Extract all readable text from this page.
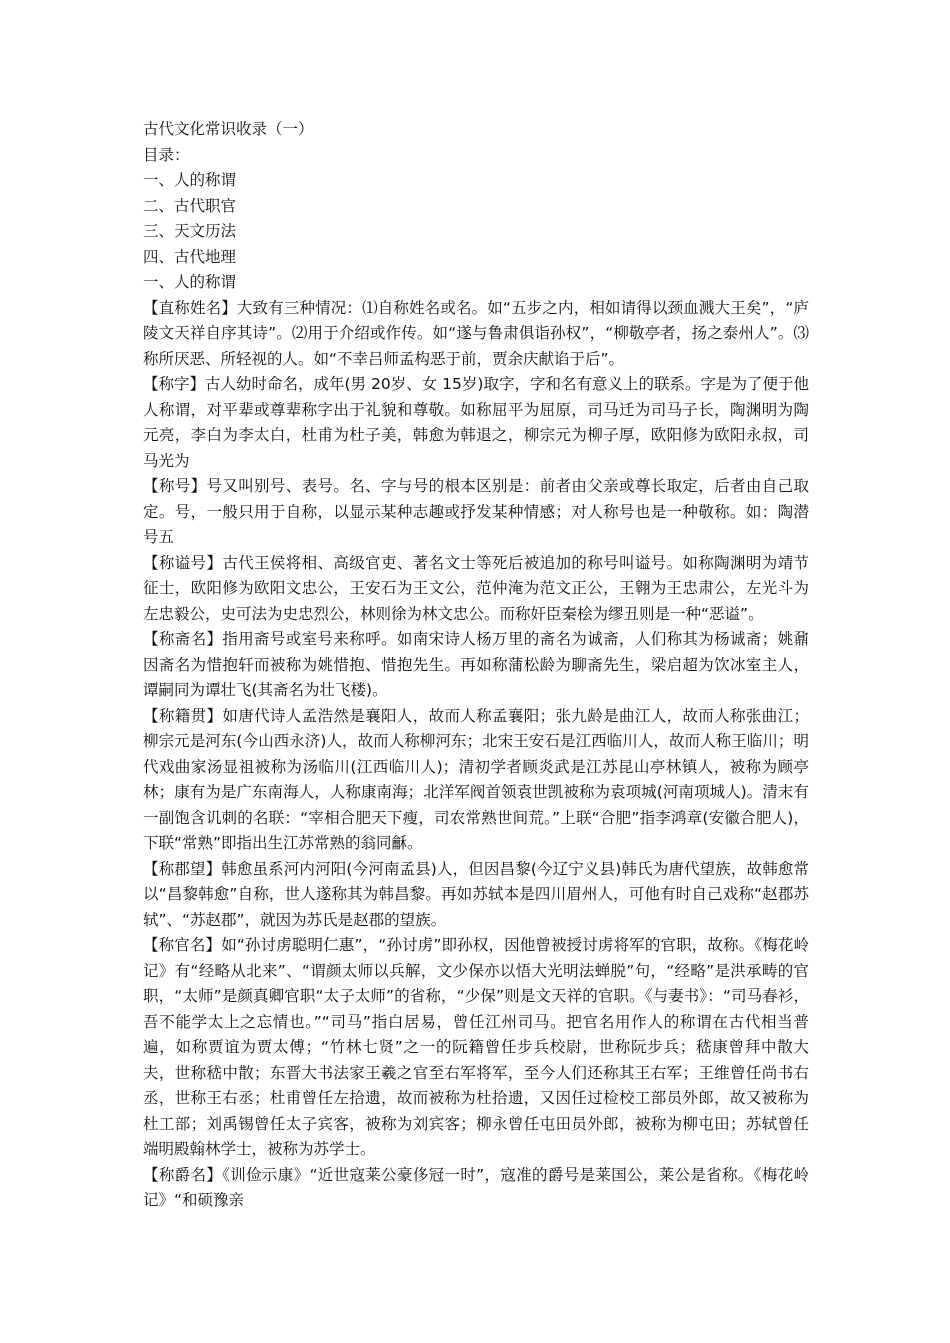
古代文化常识收录（一）
目录：
一、人的称谓
二、古代职官
三、天文历法
四、古代地理
一、人的称谓

【直称姓名】大致有三种情况：⑴自称姓名或名。如“五步之内，相如请得以颈血溅大王矣”，“庐陵文天祥自序其诗”。⑵用于介绍或作传。如“遂与鲁肃俱诣孙权”，“柳敬亭者，扬之泰州人”。⑶称所厌恶、所轻视的人。如“不幸吕师孟构恶于前，贾余庆献谄于后”。

【称字】古人幼时命名，成年(男 20岁、女 15岁)取字，字和名有意义上的联系。字是为了便于他人称谓，对平辈或尊辈称字出于礼貌和尊敬。如称屈平为屈原，司马迁为司马子长，陶渊明为陶元亮，李白为李太白，杜甫为杜子美，韩愈为韩退之，柳宗元为柳子厚，欧阳修为欧阳永叔，司马光为

【称号】号又叫别号、表号。名、字与号的根本区别是：前者由父亲或尊长取定，后者由自己取定。号，一般只用于自称，以显示某种志趣或抒发某种情感；对人称号也是一种敬称。如：陶潜号五

【称谥号】古代王侯将相、高级官吏、著名文士等死后被追加的称号叫谥号。如称陶渊明为靖节征士，欧阳修为欧阳文忠公，王安石为王文公，范仲淹为范文正公，王翱为王忠肃公，左光斗为左忠毅公，史可法为史忠烈公，林则徐为林文忠公。而称奸臣秦桧为缪丑则是一种“恶谥”。

【称斋名】指用斋号或室号来称呼。如南宋诗人杨万里的斋名为诚斋，人们称其为杨诚斋；姚鼐因斋名为惜抱轩而被称为姚惜抱、惜抱先生。再如称蒲松龄为聊斋先生，梁启超为饮冰室主人，谭嗣同为谭壮飞(其斋名为壮飞楼)。

【称籍贯】如唐代诗人孟浩然是襄阳人，故而人称孟襄阳；张九龄是曲江人，故而人称张曲江；柳宗元是河东(今山西永济)人，故而人称柳河东；北宋王安石是江西临川人，故而人称王临川；明代戏曲家汤显祖被称为汤临川(江西临川人)；清初学者顾炎武是江苏昆山亭林镇人，被称为顾亭林；康有为是广东南海人，人称康南海；北洋军阀首领袁世凯被称为袁项城(河南项城人)。清末有一副饱含讥刺的名联：“宰相合肥天下瘦，司农常熟世间荒。”上联“合肥”指李鸿章(安徽合肥人)，下联“常熟”即指出生江苏常熟的翁同龢。

【称郡望】韩愈虽系河内河阳(今河南孟县)人，但因昌黎(今辽宁义县)韩氏为唐代望族，故韩愈常以“昌黎韩愈”自称，世人遂称其为韩昌黎。再如苏轼本是四川眉州人，可他有时自己戏称“赵郡苏轼”、“苏赵郡”，就因为苏氏是赵郡的望族。

【称官名】如“孙讨虏聪明仁惠”，“孙讨虏”即孙权，因他曾被授讨虏将军的官职，故称。《梅花岭记》有“经略从北来”、“谓颜太师以兵解，文少保亦以悟大光明法蝉脱”句，“经略”是洪承畴的官职，“太师”是颜真卿官职“太子太师”的省称，“少保”则是文天祥的官职。《与妻书》：“司马春衫，吾不能学太上之忘情也。”“司马”指白居易，曾任江州司马。把官名用作人的称谓在古代相当普遍，如称贾谊为贾太傅；“竹林七贤”之一的阮籍曾任步兵校尉，世称阮步兵；嵇康曾拜中散大夫，世称嵇中散；东晋大书法家王羲之官至右军将军，至今人们还称其王右军；王维曾任尚书右丞，世称王右丞；杜甫曾任左拾遗，故而被称为杜拾遗，又因任过检校工部员外郎，故又被称为杜工部；刘禹锡曾任太子宾客，被称为刘宾客；柳永曾任屯田员外郎，被称为柳屯田；苏轼曾任端明殿翰林学士，被称为苏学士。

【称爵名】《训俭示康》“近世寇莱公豪侈冠一时”，寇准的爵号是莱国公，莱公是省称。《梅花岭记》“和硕豫亲
